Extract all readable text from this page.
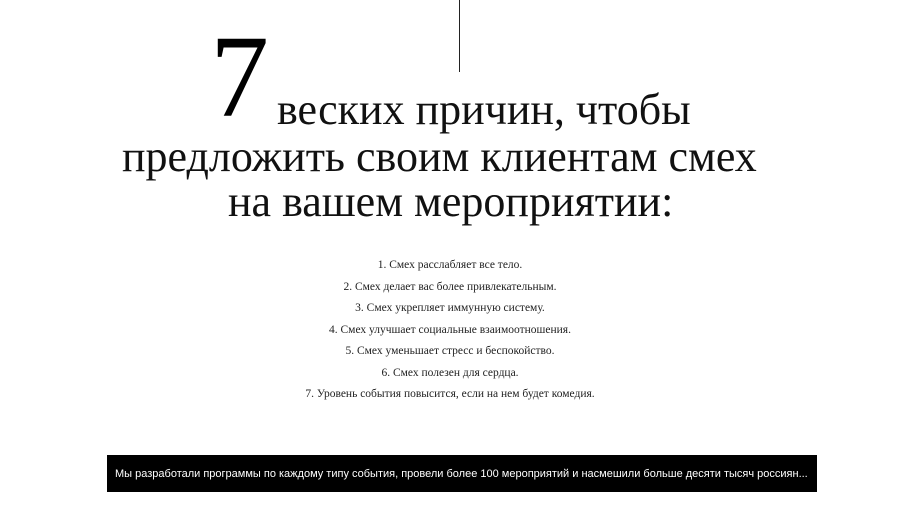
7 веских причин, чтобы
предложить своим клиентам смех
на вашем мероприятии:
1. Смех расслабляет все тело.
2. Смех делает вас более привлекательным.
3. Смех укрепляет иммунную систему.
4. Смех улучшает социальные взаимоотношения.
5. Смех уменьшает стресс и беспокойство.
6. Смех полезен для сердца.
7. Уровень события повысится, если на нем будет комедия.
Мы разработали программы по каждому типу события, провели более 100 мероприятий и насмешили больше десяти тысяч россиян...
